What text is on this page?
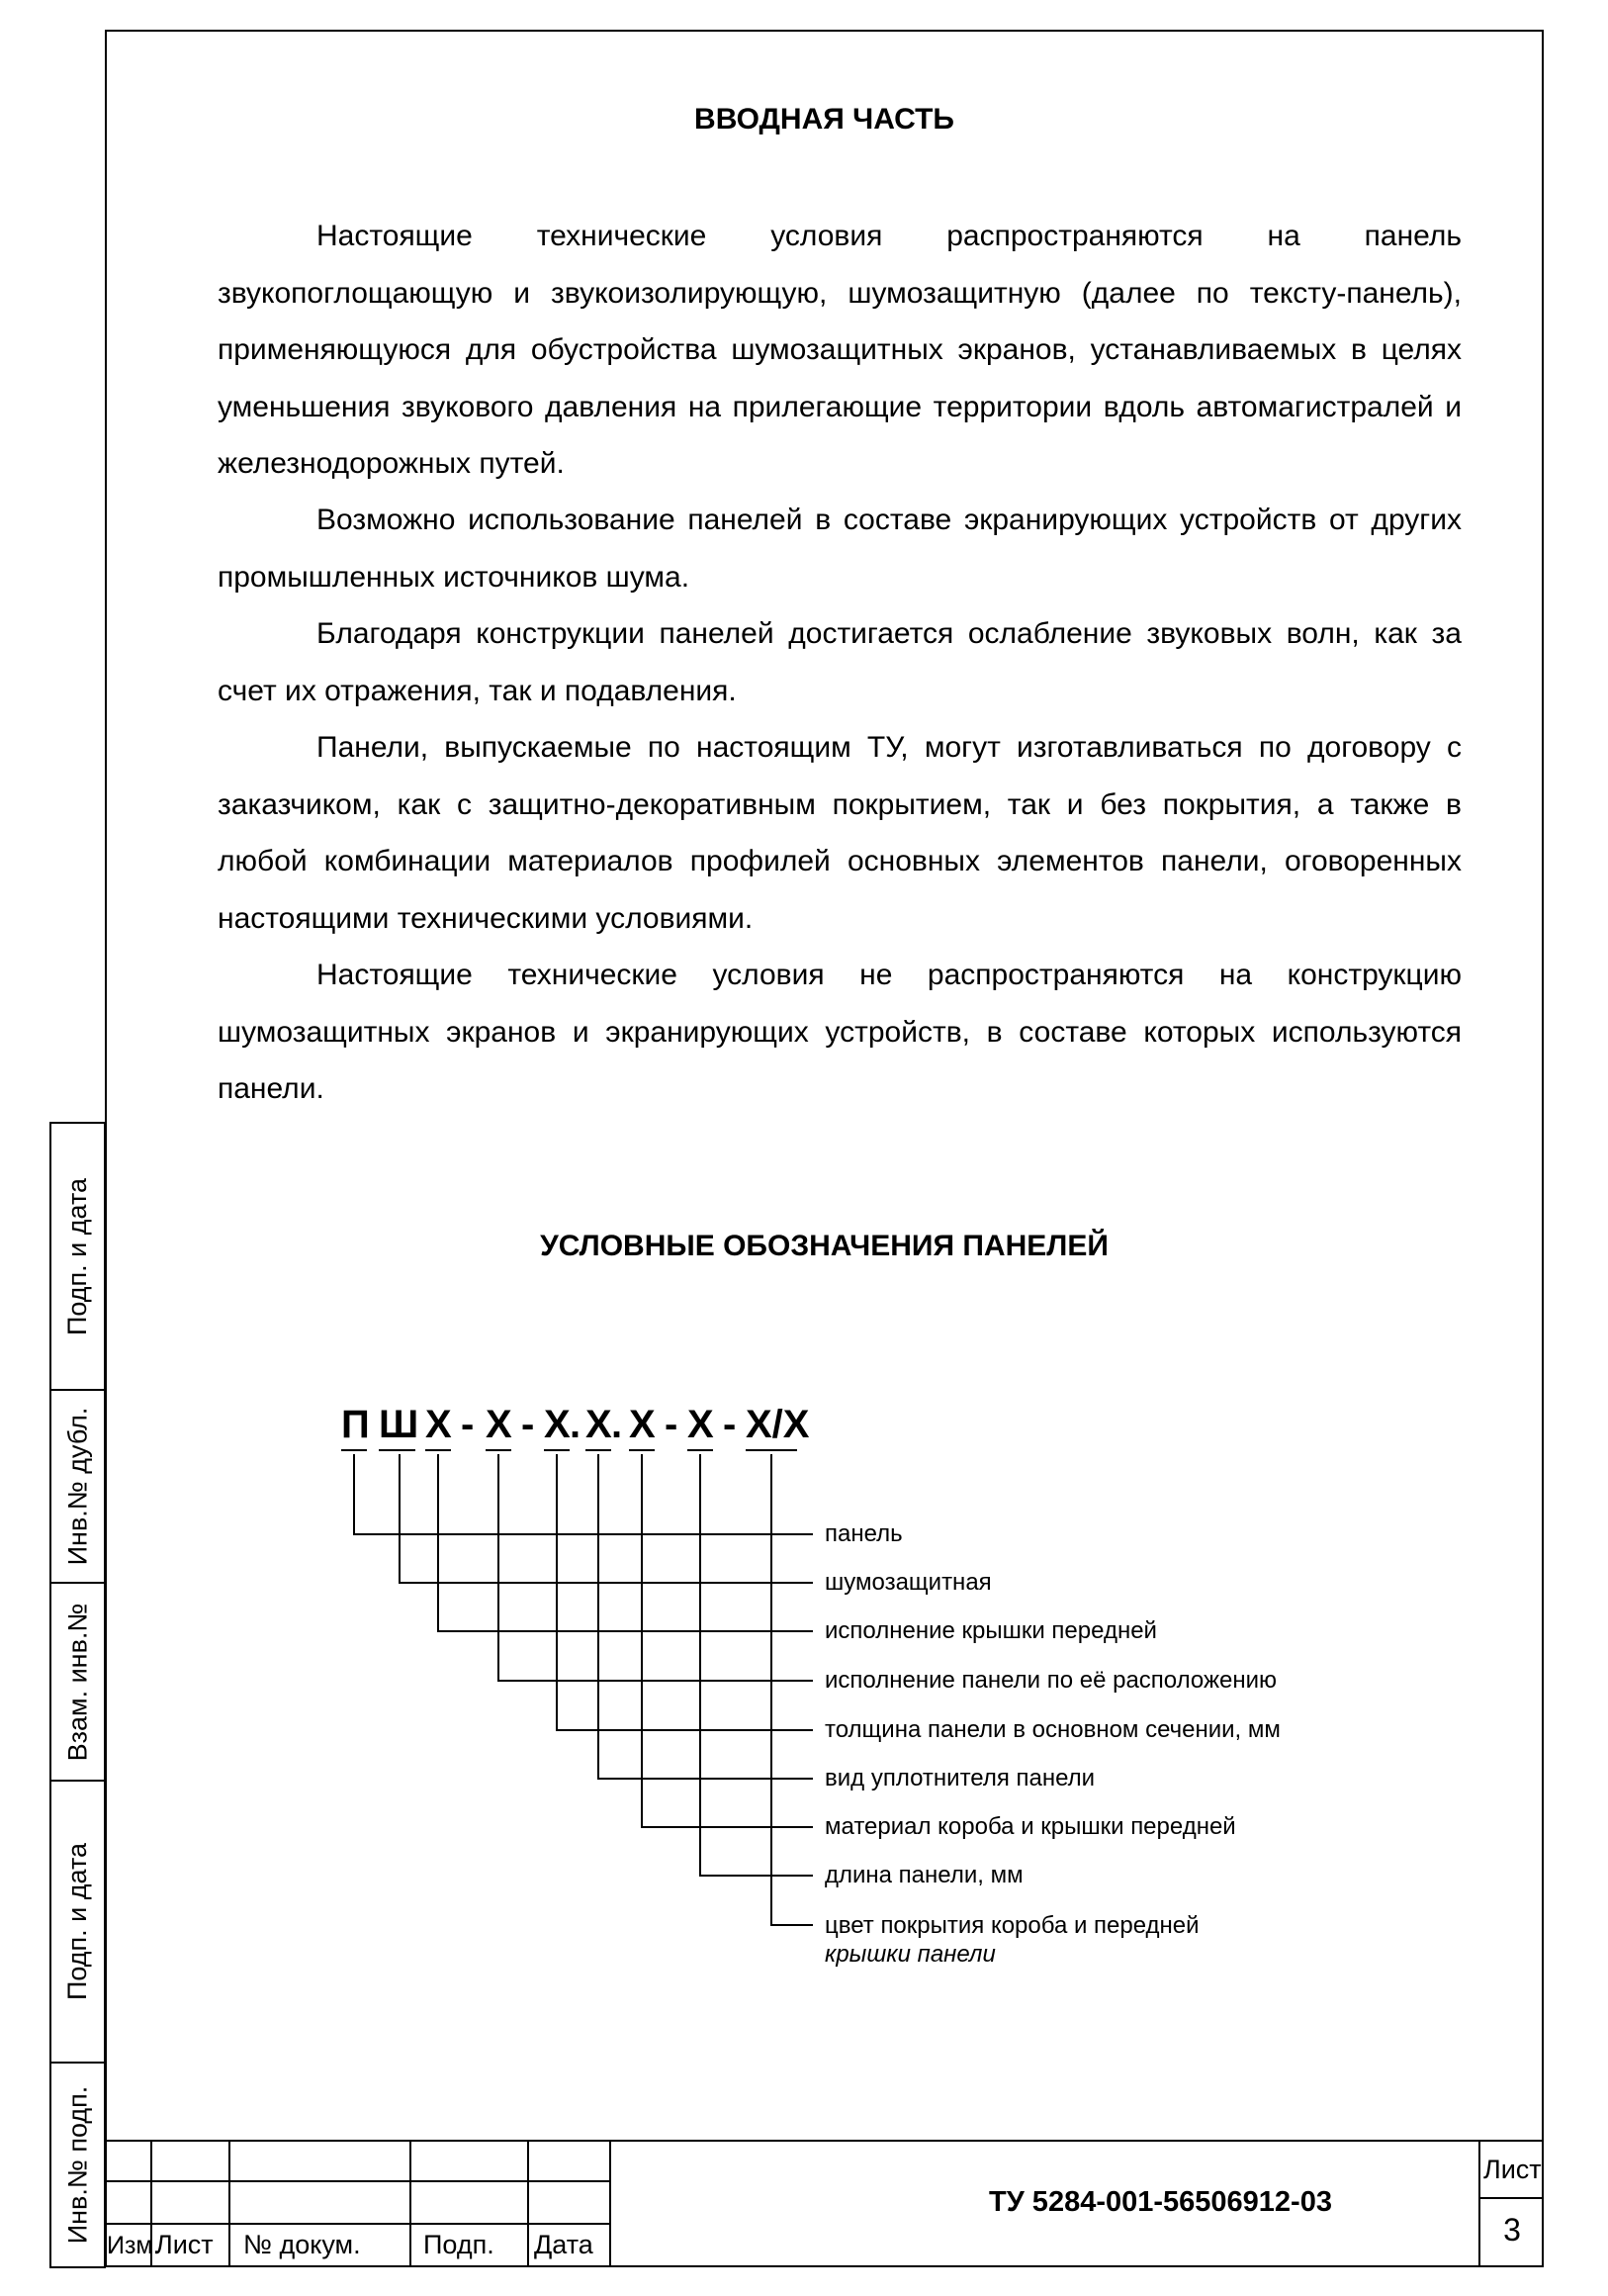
ВВОДНАЯ ЧАСТЬ

Настоящие технические условия распространяются на панель звукопоглощающую и звукоизолирующую, шумозащитную (далее по тексту-панель), применяющуюся для обустройства шумозащитных экранов, устанавливаемых в целях уменьшения звукового давления на прилегающие территории вдоль автомагистралей и железнодорожных путей.

Возможно использование панелей в составе экранирующих устройств от других промышленных источников шума.

Благодаря конструкции панелей достигается ослабление звуковых волн, как за счет их отражения, так и подавления.

Панели, выпускаемые по настоящим ТУ, могут изготавливаться по договору с заказчиком, как с защитно-декоративным покрытием, так и без покрытия, а также в любой комбинации материалов профилей основных элементов панели, оговоренных настоящими техническими условиями.

Настоящие технические условия не распространяются на конструкцию шумозащитных экранов и экранирующих устройств, в составе которых используются панели.

УСЛОВНЫЕ ОБОЗНАЧЕНИЯ ПАНЕЛЕЙ
П Ш Х - Х - Х . Х . Х - Х - Х/Х
панель
шумозащитная
исполнение крышки передней
исполнение панели по её расположению
толщина панели в основном сечении, мм
вид уплотнителя панели
материал короба и крышки передней
длина панели, мм
цвет покрытия короба и передней
крышки панели
Подп. и дата
Инв.№ дубл.
Взам. инв.№
Подп. и дата
Инв.№ подп.
Изм.
Лист № докум. Подп. Дата
ТУ 5284-001-56506912-03
Лист
3
